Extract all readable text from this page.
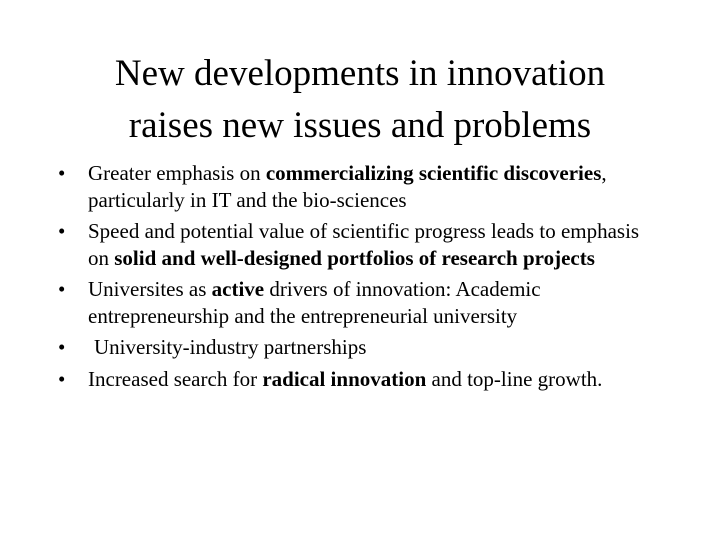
New developments in innovation
raises new issues and problems
•	Greater emphasis on commercializing scientific discoveries, particularly in IT and the bio-sciences
•	Speed and potential value of scientific progress leads to emphasis on solid and well-designed portfolios of research projects
•	Universites as active drivers of innovation: Academic entrepreneurship and the entrepreneurial university
•	University-industry partnerships
•	Increased search for radical innovation and top-line growth.
